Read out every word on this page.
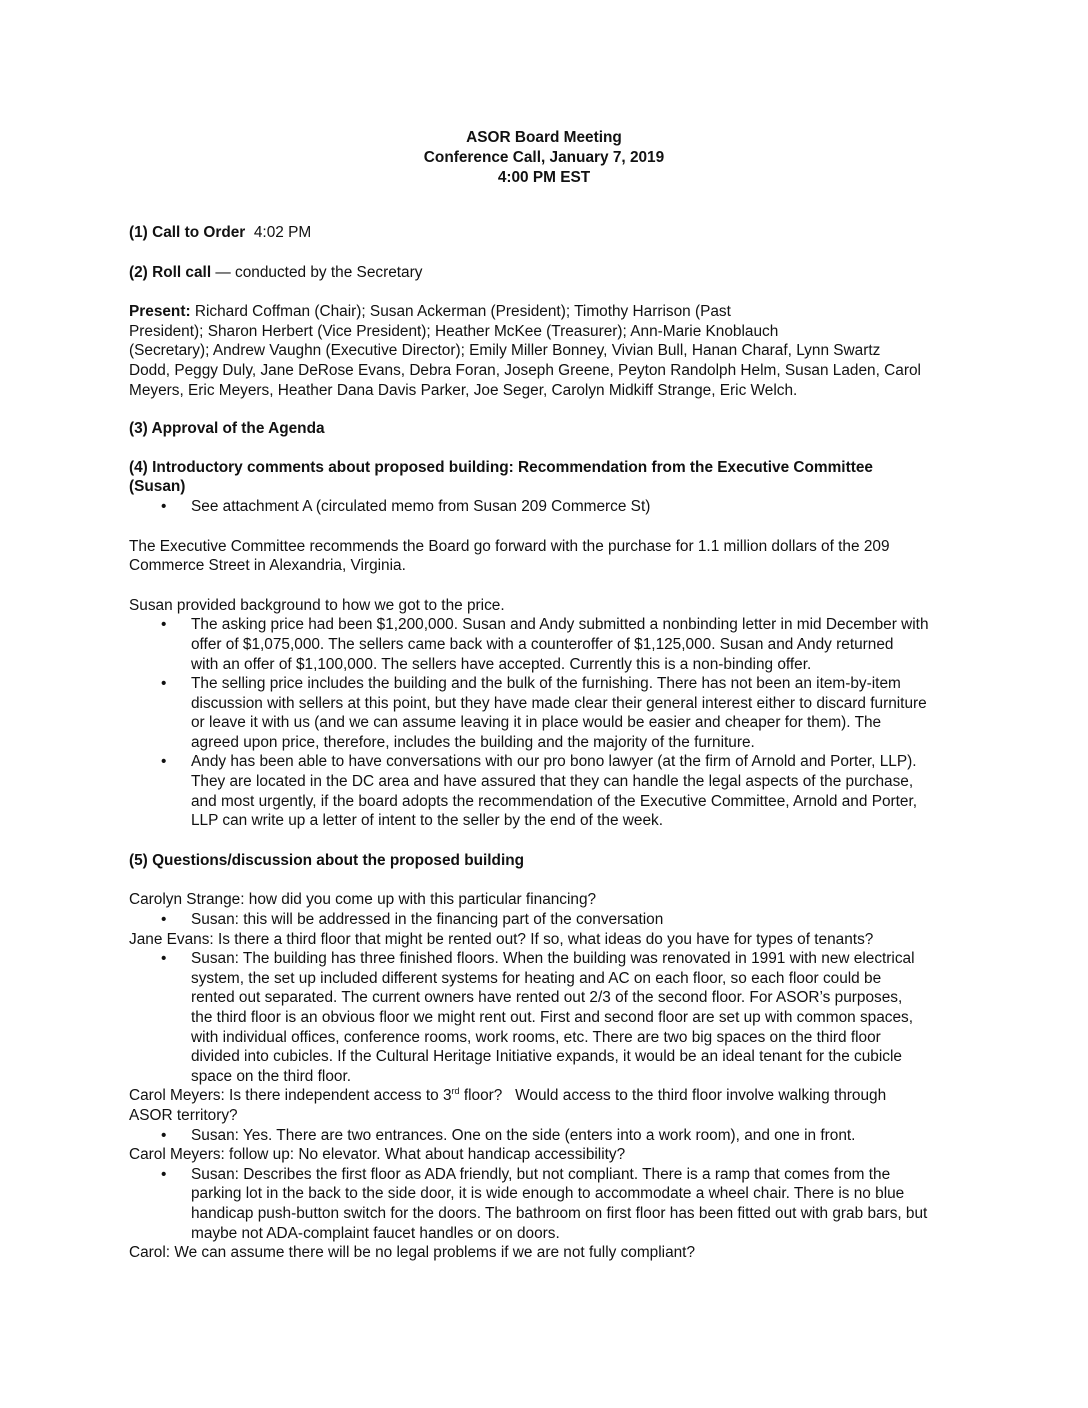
ASOR Board Meeting
Conference Call, January 7, 2019
4:00 PM EST

(1) Call to Order  4:02 PM

(2) Roll call — conducted by the Secretary

Present: Richard Coffman (Chair); Susan Ackerman (President); Timothy Harrison (Past
President); Sharon Herbert (Vice President); Heather McKee (Treasurer); Ann-Marie Knoblauch
(Secretary); Andrew Vaughn (Executive Director); Emily Miller Bonney, Vivian Bull, Hanan Charaf, Lynn Swartz
Dodd, Peggy Duly, Jane DeRose Evans, Debra Foran, Joseph Greene, Peyton Randolph Helm, Susan Laden, Carol
Meyers, Eric Meyers, Heather Dana Davis Parker, Joe Seger, Carolyn Midkiff Strange, Eric Welch.
(3) Approval of the Agenda
(4) Introductory comments about proposed building: Recommendation from the Executive Committee
(Susan)
• See attachment A (circulated memo from Susan 209 Commerce St)
The Executive Committee recommends the Board go forward with the purchase for 1.1 million dollars of the 209
Commerce Street in Alexandria, Virginia.
Susan provided background to how we got to the price.
• The asking price had been $1,200,000. Susan and Andy submitted a nonbinding letter in mid December with
offer of $1,075,000. The sellers came back with a counteroffer of $1,125,000. Susan and Andy returned
with an offer of $1,100,000. The sellers have accepted. Currently this is a non-binding offer.
• The selling price includes the building and the bulk of the furnishing. There has not been an item-by-item
discussion with sellers at this point, but they have made clear their general interest either to discard furniture
or leave it with us (and we can assume leaving it in place would be easier and cheaper for them). The
agreed upon price, therefore, includes the building and the majority of the furniture.
• Andy has been able to have conversations with our pro bono lawyer (at the firm of Arnold and Porter, LLP).
They are located in the DC area and have assured that they can handle the legal aspects of the purchase,
and most urgently, if the board adopts the recommendation of the Executive Committee, Arnold and Porter,
LLP can write up a letter of intent to the seller by the end of the week.
(5) Questions/discussion about the proposed building
Carolyn Strange: how did you come up with this particular financing?
• Susan: this will be addressed in the financing part of the conversation
Jane Evans: Is there a third floor that might be rented out? If so, what ideas do you have for types of tenants?
• Susan: The building has three finished floors. When the building was renovated in 1991 with new electrical
system, the set up included different systems for heating and AC on each floor, so each floor could be
rented out separated. The current owners have rented out 2/3 of the second floor. For ASOR’s purposes,
the third floor is an obvious floor we might rent out. First and second floor are set up with common spaces,
with individual offices, conference rooms, work rooms, etc. There are two big spaces on the third floor
divided into cubicles. If the Cultural Heritage Initiative expands, it would be an ideal tenant for the cubicle
space on the third floor.
Carol Meyers: Is there independent access to 3rd floor?   Would access to the third floor involve walking through
ASOR territory?
• Susan: Yes. There are two entrances. One on the side (enters into a work room), and one in front.
Carol Meyers: follow up: No elevator. What about handicap accessibility?
• Susan: Describes the first floor as ADA friendly, but not compliant. There is a ramp that comes from the
parking lot in the back to the side door, it is wide enough to accommodate a wheel chair. There is no blue
handicap push-button switch for the doors. The bathroom on first floor has been fitted out with grab bars, but
maybe not ADA-complaint faucet handles or on doors.
Carol: We can assume there will be no legal problems if we are not fully compliant?
